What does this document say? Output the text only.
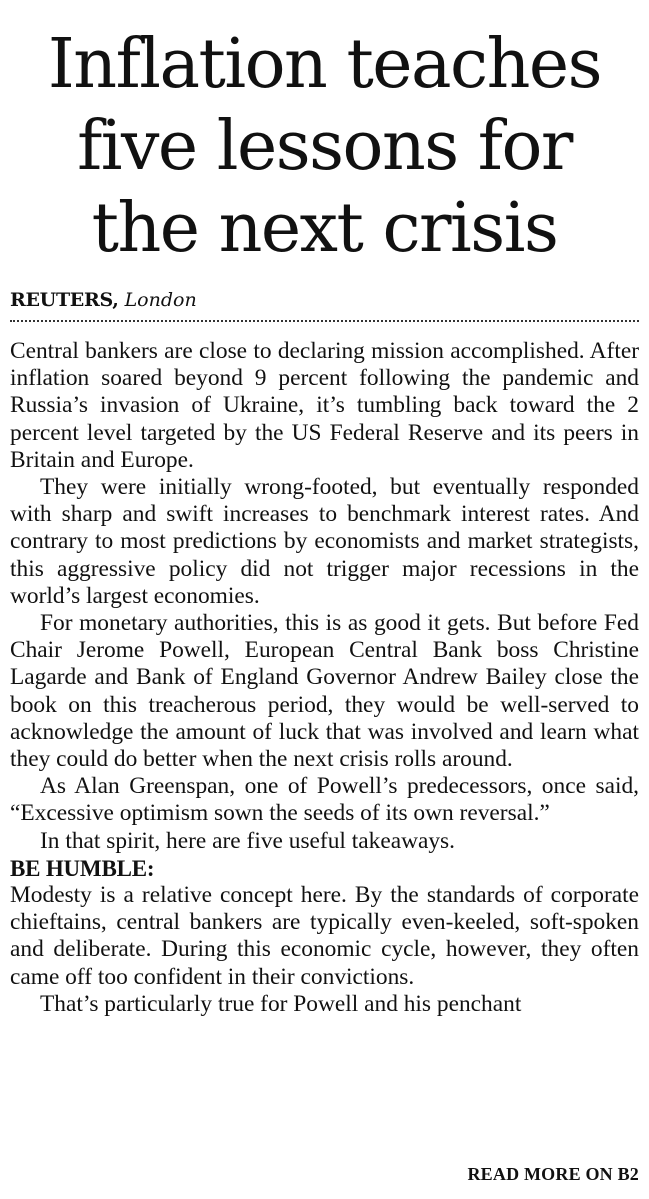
Inflation teaches
five lessons for
the next crisis
REUTERS, London

Central bankers are close to declaring mission accomplished. After inflation soared beyond 9 percent following the pandemic and Russia’s invasion of Ukraine, it’s tumbling back toward the 2 percent level targeted by the US Federal Reserve and its peers in Britain and Europe.

They were initially wrong-footed, but eventually responded with sharp and swift increases to benchmark interest rates. And contrary to most predictions by economists and market strategists, this aggressive policy did not trigger major recessions in the world’s largest economies.

For monetary authorities, this is as good it gets. But before Fed Chair Jerome Powell, European Central Bank boss Christine Lagarde and Bank of England Governor Andrew Bailey close the book on this treacherous period, they would be well-served to acknowledge the amount of luck that was involved and learn what they could do better when the next crisis rolls around.

As Alan Greenspan, one of Powell’s predecessors, once said, “Excessive optimism sown the seeds of its own reversal.”

In that spirit, here are five useful takeaways.

BE HUMBLE:

Modesty is a relative concept here. By the standards of corporate chieftains, central bankers are typically even-keeled, soft-spoken and deliberate. During this economic cycle, however, they often came off too confident in their convictions.

That’s particularly true for Powell and his penchant

READ MORE ON B2
